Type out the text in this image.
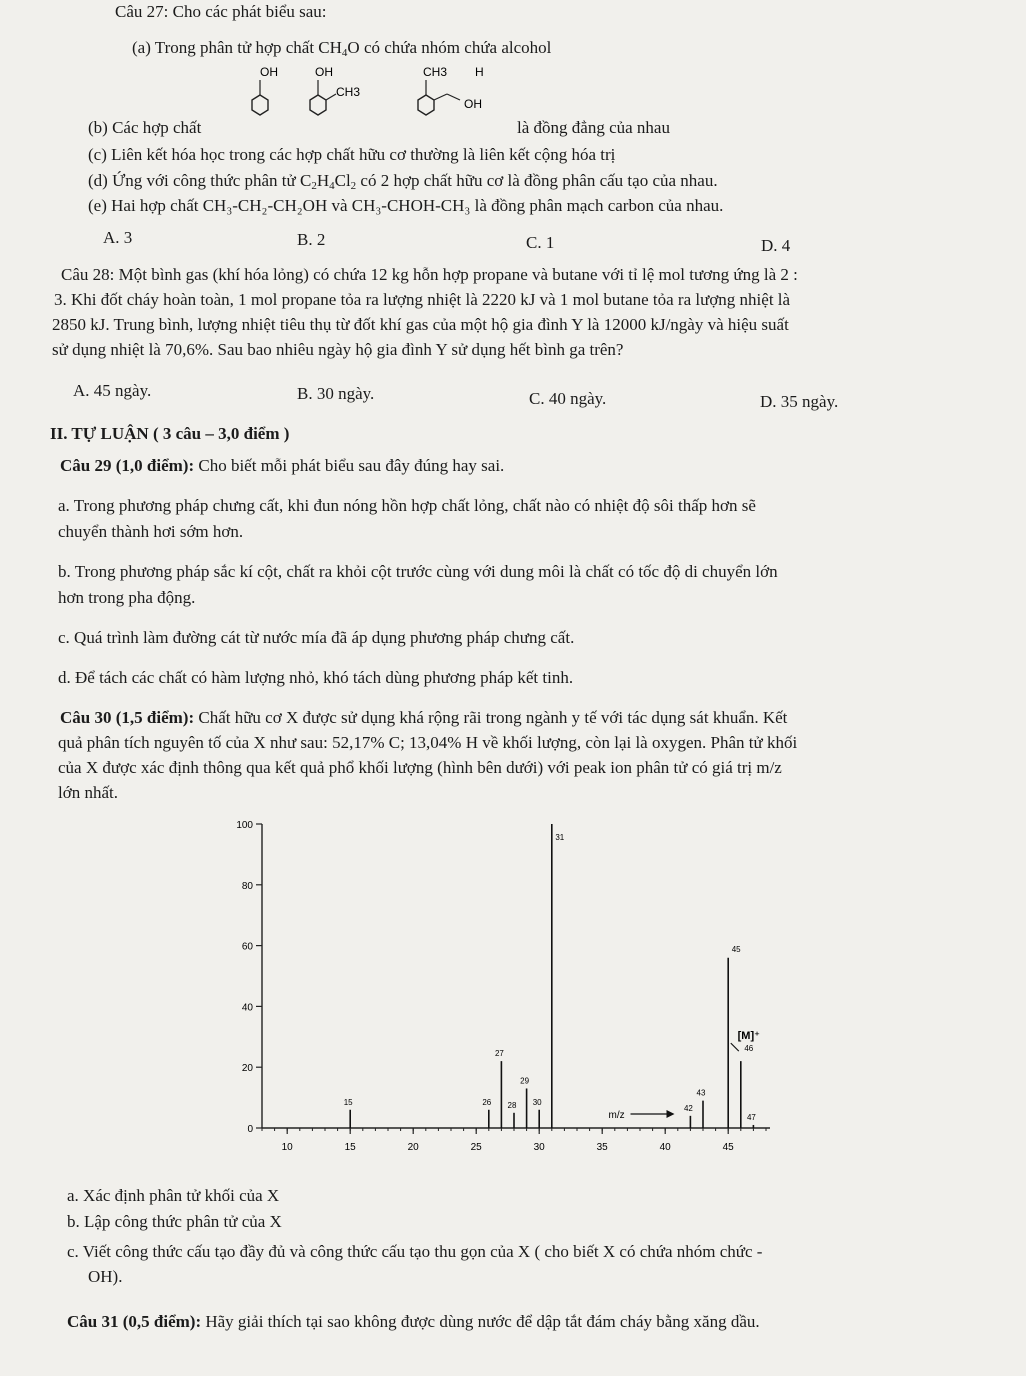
Câu 27: Cho các phát biểu sau:
(a) Trong phân tử hợp chất $CH_4O$ có chứa nhóm chứa alcohol
OH	OH
CH3
CH3 H
OH
(b) Các hợp chất	là đồng đẳng của nhau
(c) Liên kết hóa học trong các hợp chất hữu cơ thường là liên kết cộng hóa trị
(d) Ứng với công thức phân tử $C_2H_4Cl_2$ có 2 hợp chất hữu cơ là đồng phân cấu tạo của nhau.
(e) Hai hợp chất CH₃-CH₂-CH₂OH và CH₃-CHOH-CH₃ là đồng phân mạch carbon của nhau.
A. 3	B. 2	C. 1	D. 4
Câu 28: Một bình gas (khí hóa lỏng) có chứa 12 kg hỗn hợp propane và butane với tỉ lệ mol tương ứng là 2 :
3. Khi đốt cháy hoàn toàn, 1 mol propane tỏa ra lượng nhiệt là 2220 kJ và 1 mol butane tỏa ra lượng nhiệt là
2850 kJ. Trung bình, lượng nhiệt tiêu thụ từ đốt khí gas của một hộ gia đình Y là 12000 kJ/ngày và hiệu suất
sử dụng nhiệt là 70,6%. Sau bao nhiêu ngày hộ gia đình Y sử dụng hết bình ga trên?
A. 45 ngày.	B. 30 ngày.	C. 40 ngày.	D. 35 ngày.
II. TỰ LUẬN ( 3 câu – 3,0 điểm )
Câu 29 (1,0 điểm): Cho biết mỗi phát biểu sau đây đúng hay sai.
a. Trong phương pháp chưng cất, khi đun nóng hồn hợp chất lỏng, chất nào có nhiệt độ sôi thấp hơn sẽ
chuyển thành hơi sớm hơn.
b. Trong phương pháp sắc kí cột, chất ra khỏi cột trước cùng với dung môi là chất có tốc độ di chuyển lớn
hơn trong pha động.
c. Quá trình làm đường cát từ nước mía đã áp dụng phương pháp chưng cất.
d. Để tách các chất có hàm lượng nhỏ, khó tách dùng phương pháp kết tinh.
Câu 30 (1,5 điểm): Chất hữu cơ X được sử dụng khá rộng rãi trong ngành y tế với tác dụng sát khuẩn. Kết
quả phân tích nguyên tố của X như sau: 52,17% C; 13,04% H về khối lượng, còn lại là oxygen. Phân tử khối
của X được xác định thông qua kết quả phổ khối lượng (hình bên dưới) với peak ion phân tử có giá trị m/z
lớn nhất.
0
20
40
60
80
100
10	15	20	25	30	35	40	45
15	26
27
28
29
30
31
42
43
45
46
47
[M]⁺
m/z
a. Xác định phân tử khối của X
b. Lập công thức phân tử của X
c. Viết công thức cấu tạo đầy đủ và công thức cấu tạo thu gọn của X ( cho biết X có chứa nhóm chức -
OH).
Câu 31 (0,5 điểm): Hãy giải thích tại sao không được dùng nước để dập tắt đám cháy bằng xăng dầu.
